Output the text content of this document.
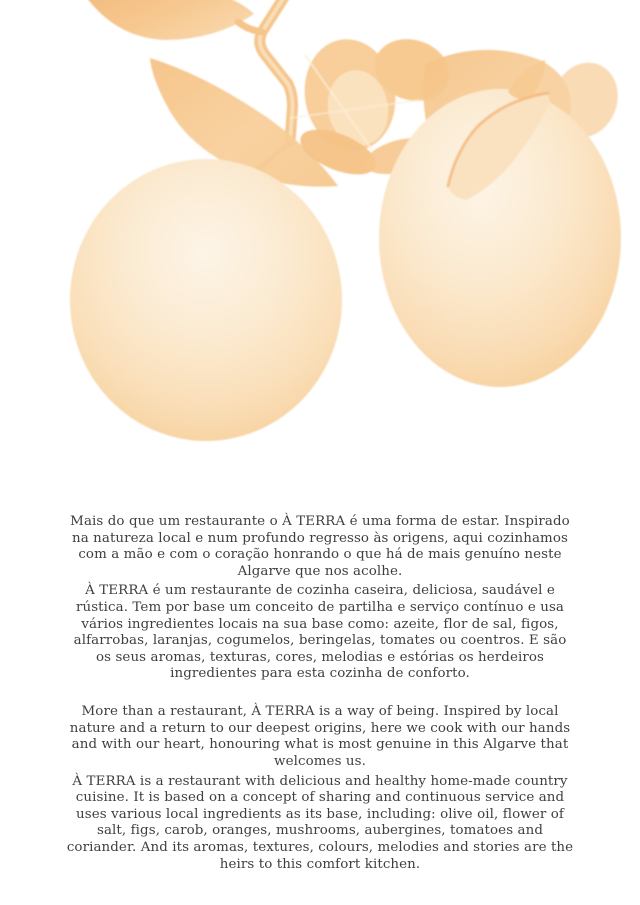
Mais do que um restaurante o À TERRA é uma forma de estar. Inspirado na natureza local e num profundo regresso às origens, aqui cozinhamos com a mão e com o coração honrando o que há de mais genuíno neste Algarve que nos acolhe.

À TERRA é um restaurante de cozinha caseira, deliciosa, saudável e rústica. Tem por base um conceito de partilha e serviço contínuo e usa vários ingredientes locais na sua base como: azeite, flor de sal, figos, alfarrobas, laranjas, cogumelos, beringelas, tomates ou coentros. E são os seus aromas, texturas, cores, melodias e estórias os herdeiros ingredientes para esta cozinha de conforto.

More than a restaurant, À TERRA is a way of being. Inspired by local nature and a return to our deepest origins, here we cook with our hands and with our heart, honouring what is most genuine in this Algarve that welcomes us.

À TERRA is a restaurant with delicious and healthy home-made country cuisine. It is based on a concept of sharing and continuous service and uses various local ingredients as its base, including: olive oil, flower of salt, figs, carob, oranges, mushrooms, aubergines, tomatoes and coriander. And its aromas, textures, colours, melodies and stories are the heirs to this comfort kitchen.
